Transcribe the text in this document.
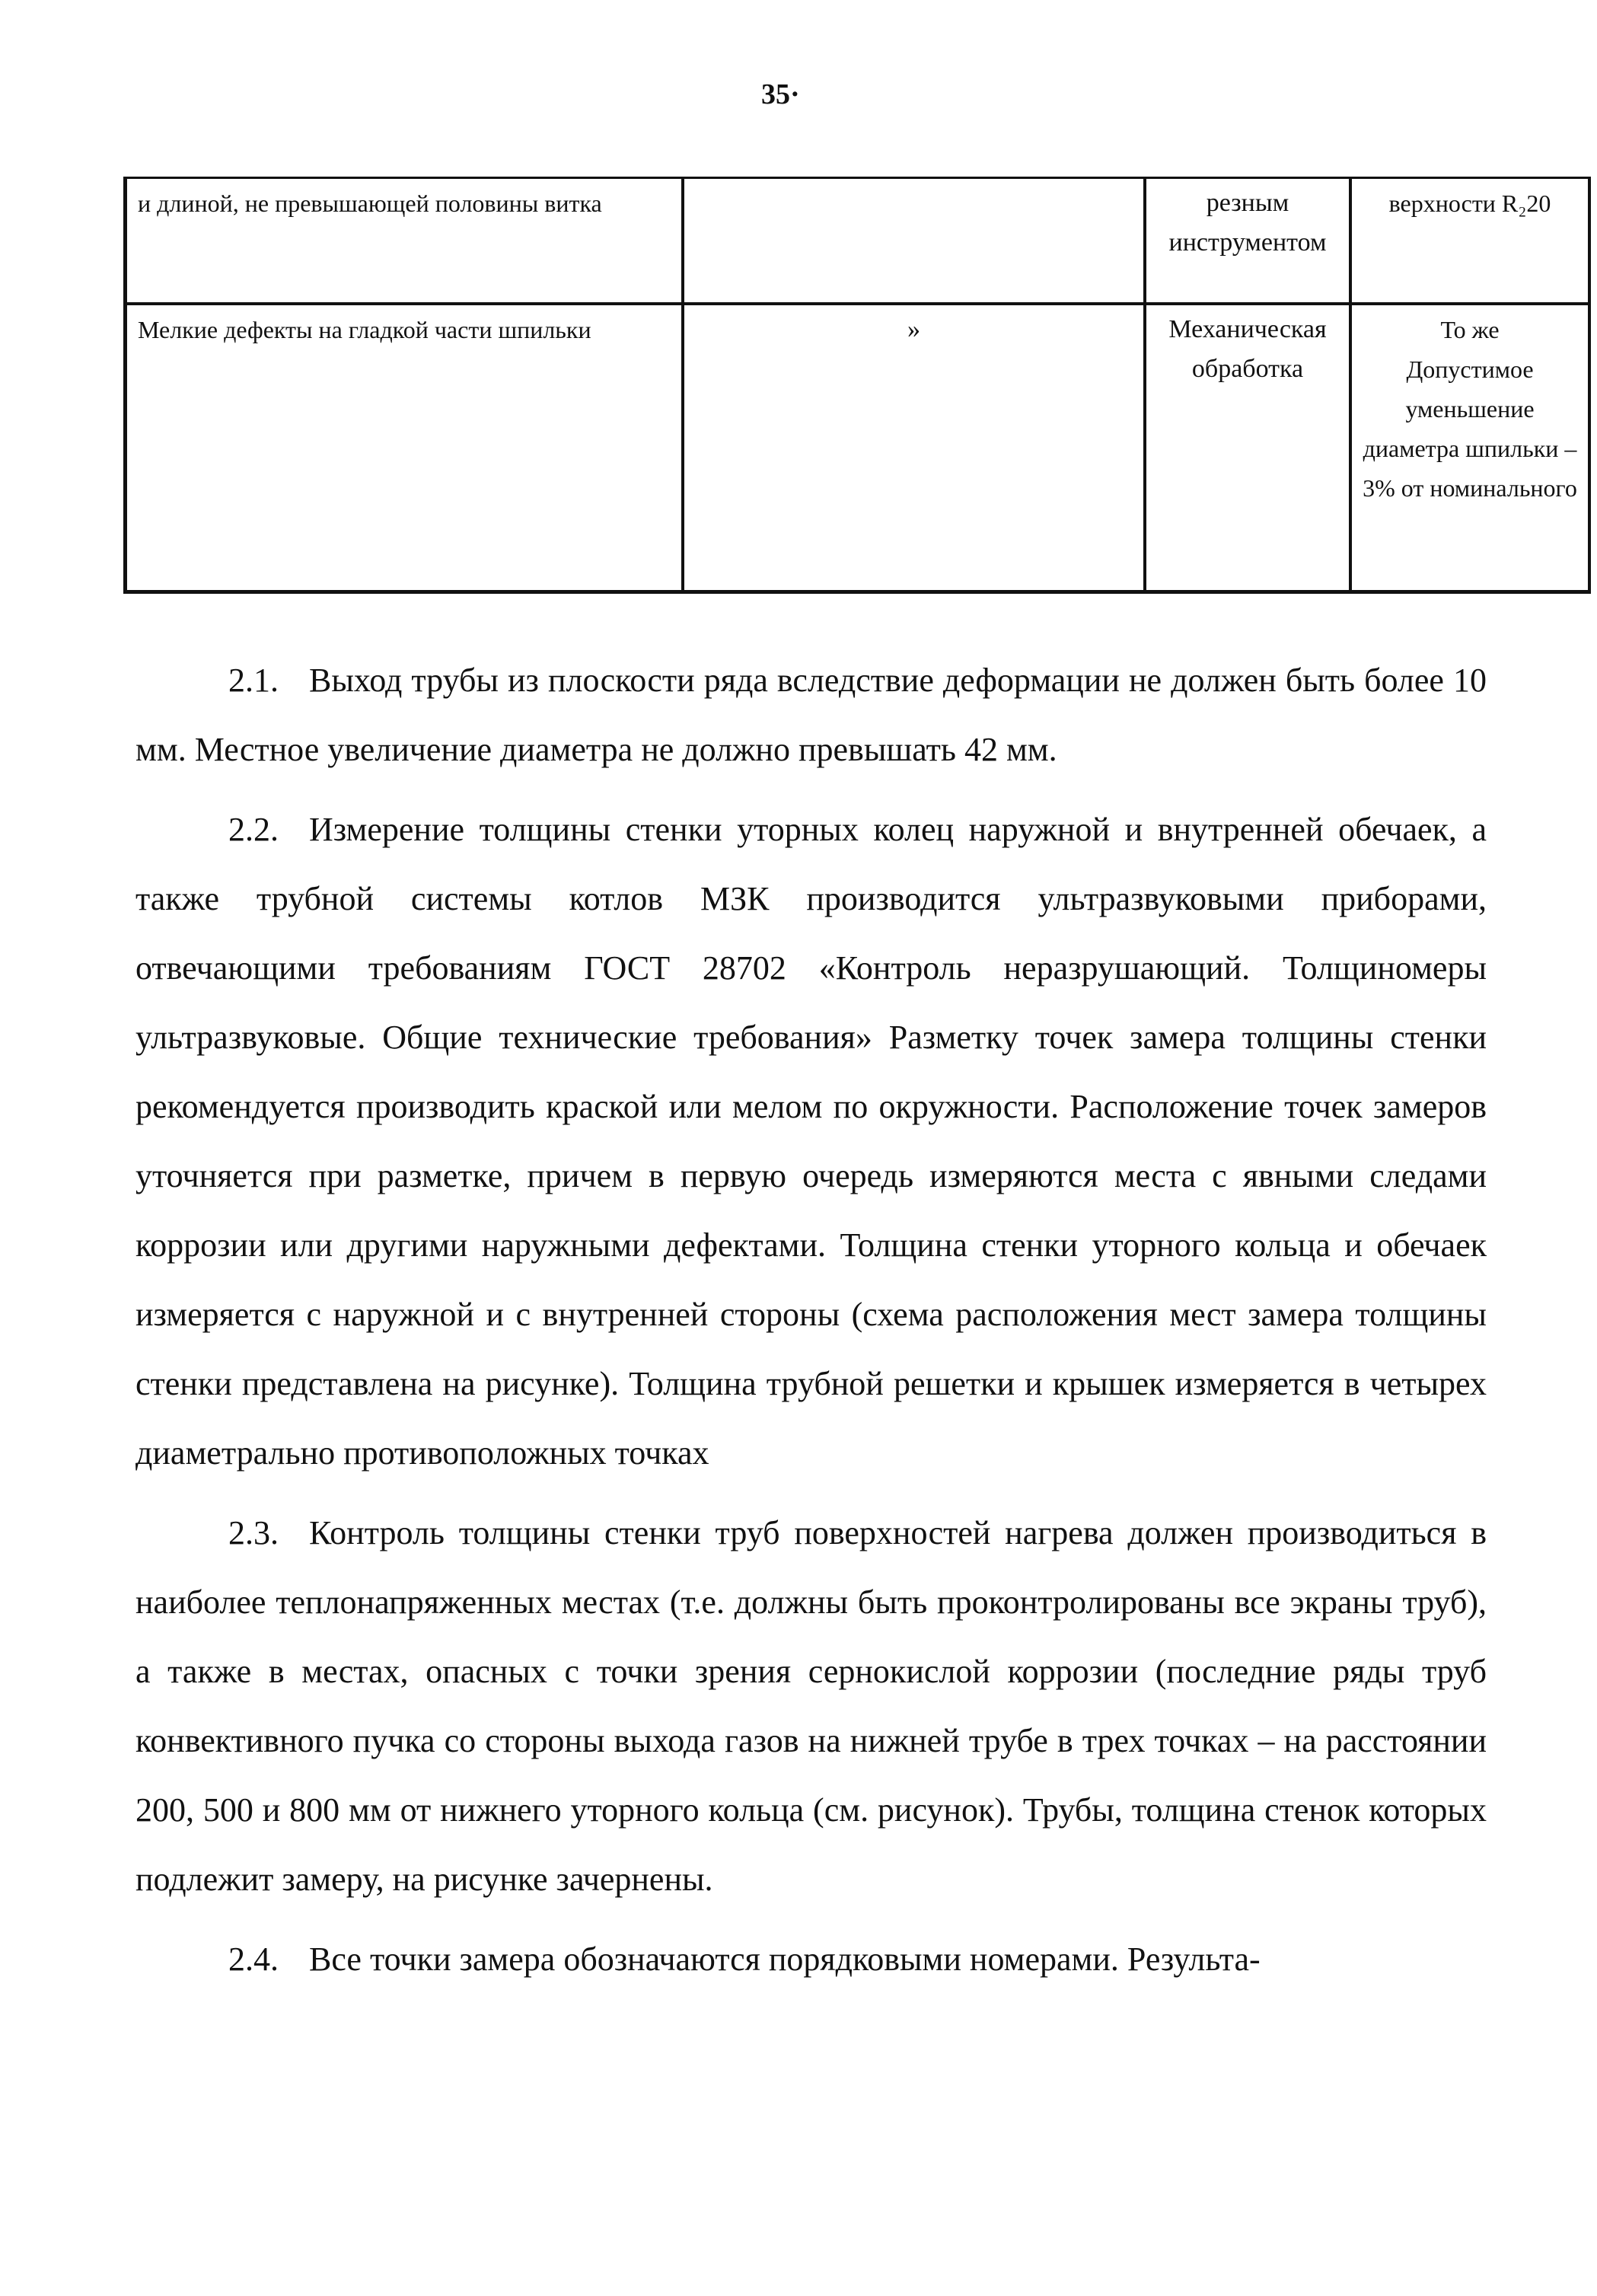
35·
и длиной, не превышающей половины витка		резным инструментом	верхности R₂20
Мелкие дефекты на гладкой части шпильки	»	Механическая обработка	То же
Допустимое уменьшение диаметра шпильки – 3% от номинального

2.1. Выход трубы из плоскости ряда вследствие деформации не должен быть более 10 мм. Местное увеличение диаметра не должно превышать 42 мм.

2.2. Измерение толщины стенки уторных колец наружной и внутренней обечаек, а также трубной системы котлов МЗК производится ультразвуковыми приборами, отвечающими требованиям ГОСТ 28702 «Контроль неразрушающий. Толщиномеры ультразвуковые. Общие технические требования» Разметку точек замера толщины стенки рекомендуется производить краской или мелом по окружности. Расположение точек замеров уточняется при разметке, причем в первую очередь измеряются места с явными следами коррозии или другими наружными дефектами. Толщина стенки уторного кольца и обечаек измеряется с наружной и с внутренней стороны (схема расположения мест замера толщины стенки представлена на рисунке). Толщина трубной решетки и крышек измеряется в четырех диаметрально противоположных точках

2.3. Контроль толщины стенки труб поверхностей нагрева должен производиться в наиболее теплонапряженных местах (т.е. должны быть проконтролированы все экраны труб), а также в местах, опасных с точки зрения сернокислой коррозии (последние ряды труб конвективного пучка со стороны выхода газов на нижней трубе в трех точках – на расстоянии 200, 500 и 800 мм от нижнего уторного кольца (см. рисунок). Трубы, толщина стенок которых подлежит замеру, на рисунке зачернены.

2.4. Все точки замера обозначаются порядковыми номерами. Результа-
